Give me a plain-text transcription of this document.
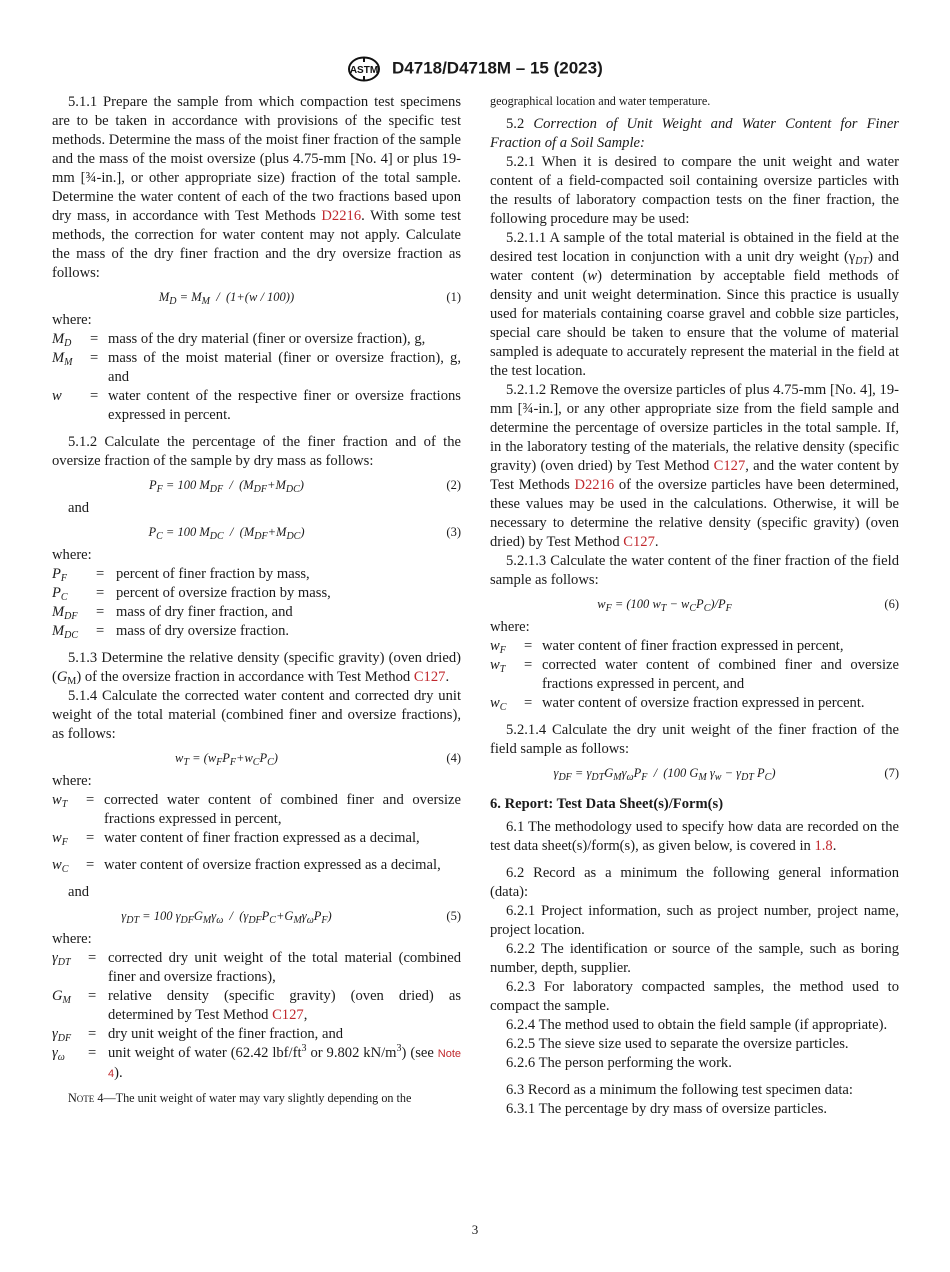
ASTM D4718/D4718M – 15 (2023)

5.1.1 Prepare the sample from which compaction test specimens are to be taken in accordance with provisions of the specific test methods. Determine the mass of the moist finer fraction of the sample and the mass of the moist oversize (plus 4.75-mm [No. 4] or plus 19-mm [¾-in.], or other appropriate size) fraction of the total sample. Determine the water content of each of the two fractions based upon dry mass, in accordance with Test Methods D2216. With some test methods, the correction for water content may not apply. Calculate the mass of the dry finer fraction and the dry oversize fraction as follows:

$M_D = M_M / (1+(w / 100))$	(1)

where:

$M_D$	= mass of the dry material (finer or oversize fraction), g,
$M_M$	= mass of the moist material (finer or oversize fraction), g, and
w	= water content of the respective finer or oversize fractions expressed in percent.

5.1.2 Calculate the percentage of the finer fraction and of the oversize fraction of the sample by dry mass as follows:

$P_F = 100$ $M_{DF} / (M_{DF}+M_{DC})$	(2)

and

$P_C = 100$ $M_{DC} / (M_{DF}+M_{DC})$	(3)

where:

$P_F$	= percent of finer fraction by mass,
$P_C$	= percent of oversize fraction by mass,
$M_{DF}$	= mass of dry finer fraction, and
$M_{DC}$	= mass of dry oversize fraction.

5.1.3 Determine the relative density (specific gravity) (oven dried) $(G_M)$ of the oversize fraction in accordance with Test Method C127.

5.1.4 Calculate the corrected water content and corrected dry unit weight of the total material (combined finer and oversize fractions), as follows:

$w_T = (w_FP_F+w_CP_C)$	(4)

where:

$w_T$	= corrected water content of combined finer and oversize fractions expressed in percent,
$w_F$	= water content of finer fraction expressed as a decimal,
$w_C$	= water content of oversize fraction expressed as a decimal,

and

$\gamma_{DT} = 100$ $\gamma_{DF}G_M\gamma_\omega / (\gamma_{DF}P_C+G_M\gamma_\omega P_F)$	(5)

where:

$\gamma_{DT}$	= corrected dry unit weight of the total material (combined finer and oversize fractions),
$G_M$	= relative density (specific gravity) (oven dried) as determined by Test Method C127,
$\gamma_{DF}$	= dry unit weight of the finer fraction, and
$\gamma_\omega$	= unit weight of water (62.42 lbf/$ft^3$ or 9.802 $kN/m^3$) (see Note 4).

Note 4—The unit weight of water may vary slightly depending on the

geographical location and water temperature.

5.2 Correction of Unit Weight and Water Content for Finer Fraction of a Soil Sample:

5.2.1 When it is desired to compare the unit weight and water content of a field-compacted soil containing oversize particles with the results of laboratory compaction tests on the finer fraction, the following procedure may be used:

5.2.1.1 A sample of the total material is obtained in the field at the desired test location in conjunction with a unit dry weight $(\gamma_{DT})$ and water content (w) determination by acceptable field methods of density and unit weight determination. Since this practice is usually used for materials containing coarse gravel and cobble size particles, special care should be taken to ensure that the volume of material sampled is adequate to accurately represent the material in the field at the test location.

5.2.1.2 Remove the oversize particles of plus 4.75-mm [No. 4], 19-mm [¾-in.], or any other appropriate size from the field sample and determine the percentage of oversize particles in the total sample. If, in the laboratory testing of the materials, the relative density (specific gravity) (oven dried) by Test Method C127, and the water content by Test Methods D2216 of the oversize particles have been determined, these values may be used in the calculations. Otherwise, it will be necessary to determine the relative density (specific gravity) (oven dried) by Test Method C127.

5.2.1.3 Calculate the water content of the finer fraction of the field sample as follows:

$w_F = (100$ $w_T - w_CP_C)/P_F$	(6)

where:

$w_F$	= water content of finer fraction expressed in percent,
$w_T$	= corrected water content of combined finer and oversize fractions expressed in percent, and
$w_C$	= water content of oversize fraction expressed in percent.

5.2.1.4 Calculate the dry unit weight of the finer fraction of the field sample as follows:

$\gamma_{DF} = \gamma_{DT}G_M\gamma_\omega P_F / (100$ $G_M$ $\gamma_w - \gamma_{DT}$ $P_C$)	(7)
6. Report: Test Data Sheet(s)/Form(s)

6.1 The methodology used to specify how data are recorded on the test data sheet(s)/form(s), as given below, is covered in 1.8.

6.2 Record as a minimum the following general information (data):

6.2.1 Project information, such as project number, project name, project location.

6.2.2 The identification or source of the sample, such as boring number, depth, supplier.

6.2.3 For laboratory compacted samples, the method used to compact the sample.

6.2.4 The method used to obtain the field sample (if appropriate).

6.2.5 The sieve size used to separate the oversize particles.

6.2.6 The person performing the work.

6.3 Record as a minimum the following test specimen data:

6.3.1 The percentage by dry mass of oversize particles.

3
